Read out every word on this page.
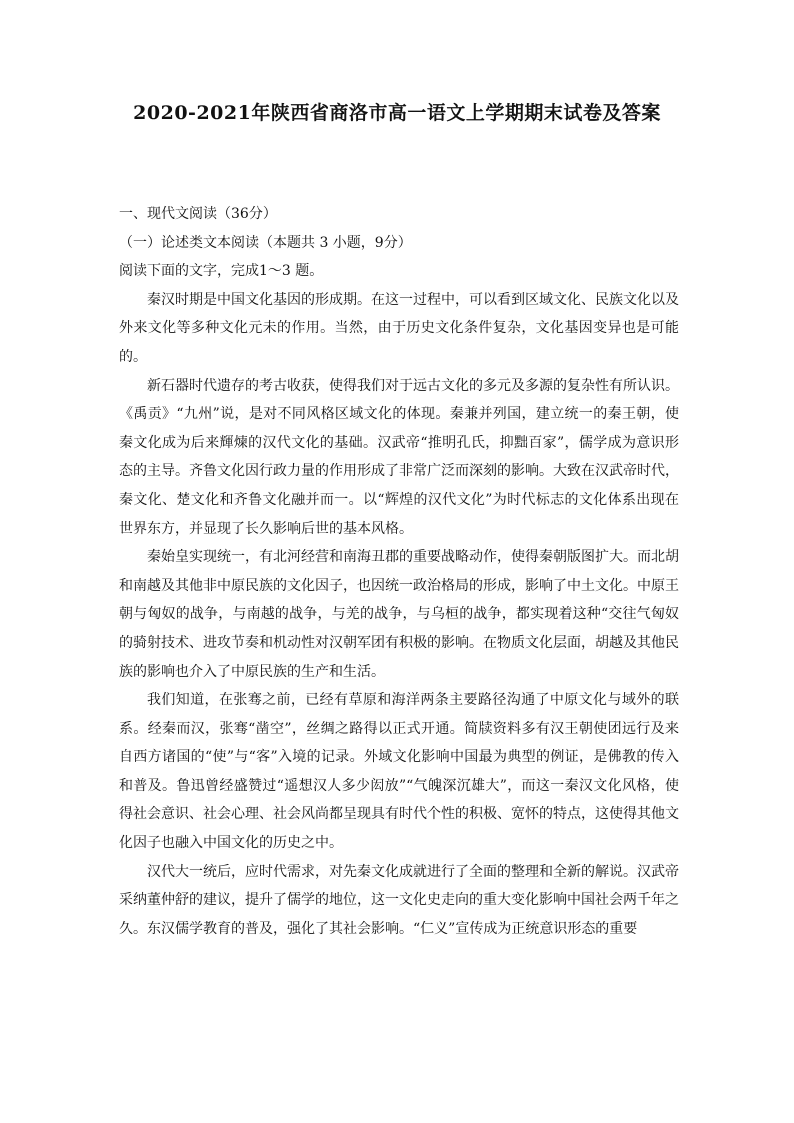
2020-2021年陕西省商洛市高一语文上学期期末试卷及答案

一、现代文阅读（36分）

（一）论述类文本阅读（本题共 3 小题，9分）

阅读下面的文字，完成1～3 题。

秦汉时期是中国文化基因的形成期。在这一过程中，可以看到区域文化、民族文化以及外来文化等多种文化元未的作用。当然，由于历史文化条件复杂，文化基因变异也是可能的。

新石器时代遗存的考古收获，使得我们对于远古文化的多元及多源的复杂性有所认识。《禹贡》“九州”说，是对不同风格区域文化的体现。秦兼并列国，建立统一的秦王朝，使秦文化成为后来輝煉的汉代文化的基础。汉武帝“推明孔氏，抑黜百家”，儒学成为意识形态的主导。齐鲁文化因行政力量的作用形成了非常广泛而深刻的影响。大致在汉武帝时代，秦文化、楚文化和齐鲁文化融并而一。以“辉煌的汉代文化”为时代标志的文化体系出现在世界东方，并显现了长久影响后世的基本风格。

秦始皇实现统一，有北河经营和南海丑郡的重要战略动作，使得秦朝版图扩大。而北胡和南越及其他非中原民族的文化因子，也因统一政治格局的形成，影响了中土文化。中原王朝与匈奴的战争，与南越的战争，与羌的战争，与乌桓的战争，都实现着这种“交往气匈奴的骑射技术、进攻节奏和机动性对汉朝军团有积极的影响。在物质文化层面，胡越及其他民族的影响也介入了中原民族的生产和生活。

我们知道，在张骞之前，已经有草原和海洋两条主要路径沟通了中原文化与域外的联系。经秦而汉，张骞“凿空”，丝绸之路得以正式开通。简牍资料多有汉王朝使团远行及来自西方诸国的“使”与“客”入境的记录。外域文化影响中国最为典型的例证，是佛教的传入和普及。鲁迅曾经盛赞过“遥想汉人多少闳放”“气魄深沉雄大”，而这一秦汉文化风格，使得社会意识、社会心理、社会风尚都呈现具有时代个性的积极、宽怀的特点，这使得其他文化因子也融入中国文化的历史之中。

汉代大一统后，应时代需求，对先秦文化成就进行了全面的整理和全新的解说。汉武帝采纳董仲舒的建议，提升了儒学的地位，这一文化史走向的重大变化影响中国社会两千年之久。东汉儒学教育的普及，强化了其社会影响。“仁义”宣传成为正统意识形态的重要
